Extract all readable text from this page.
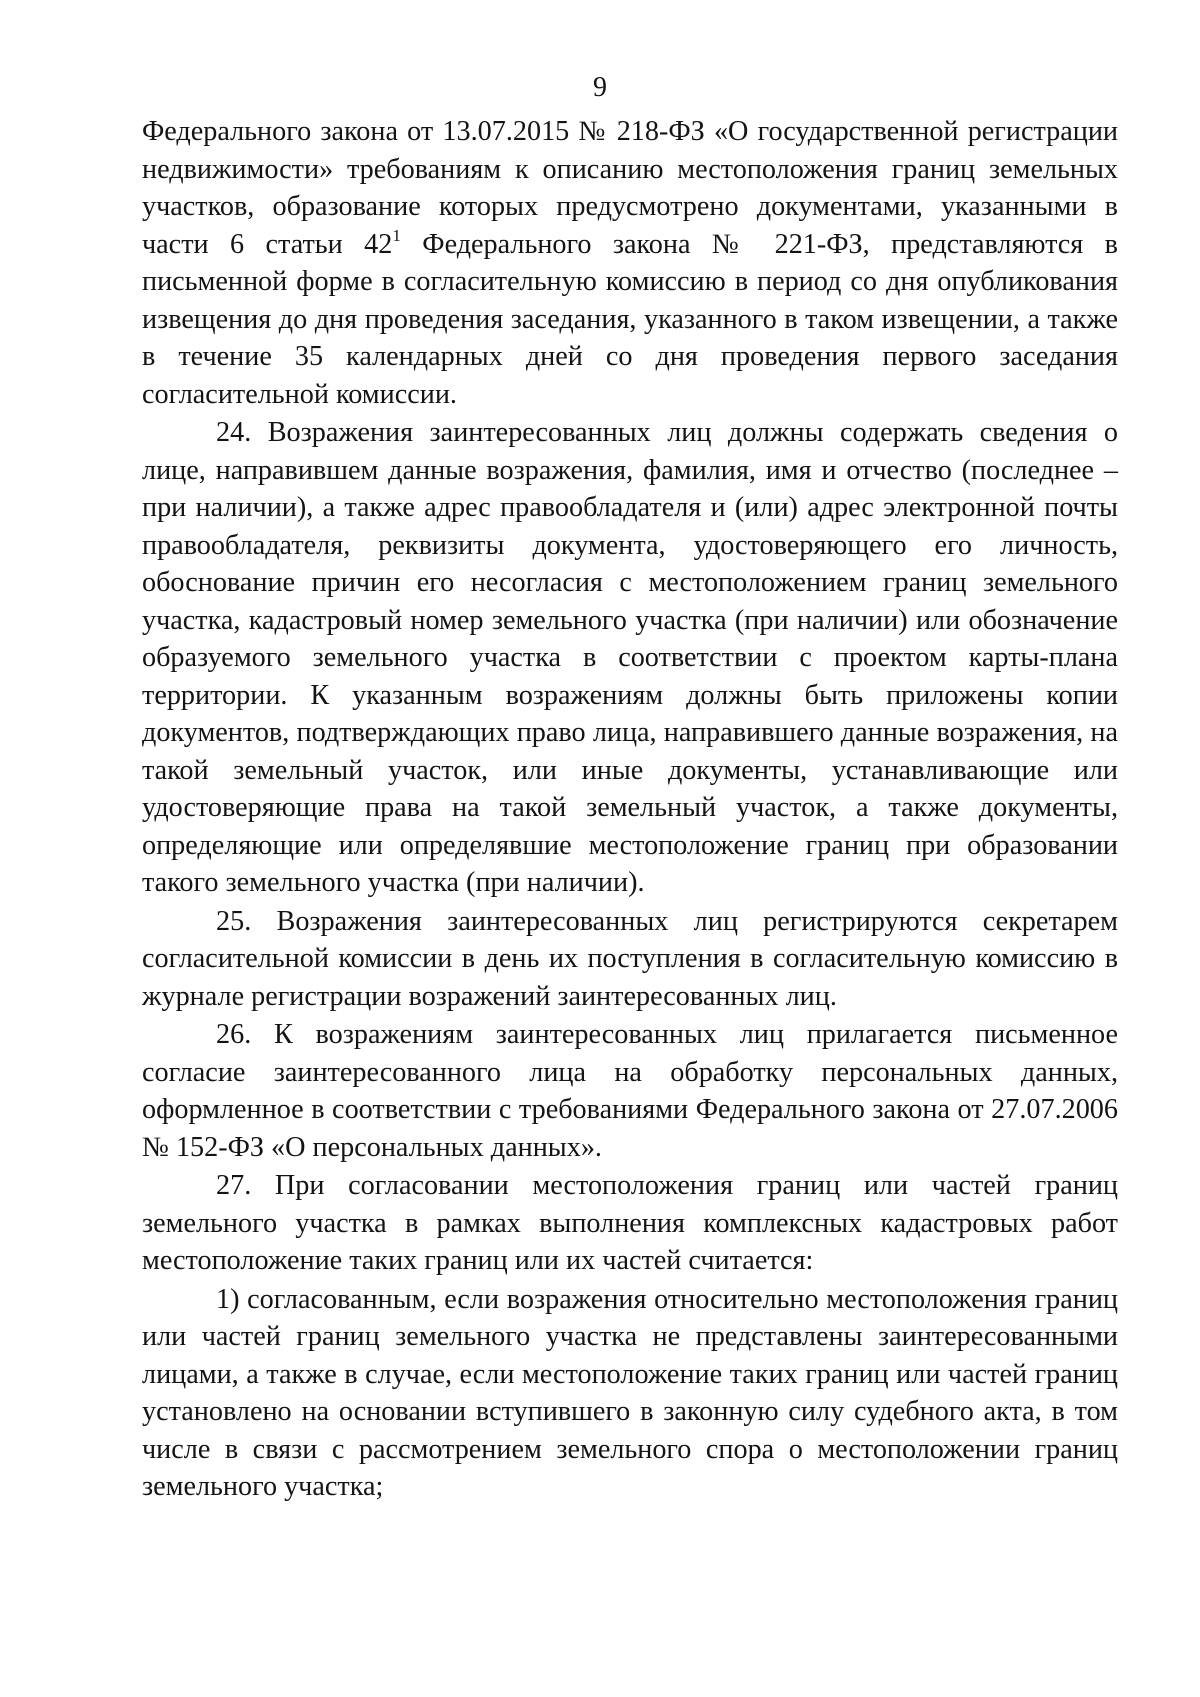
9

Федерального закона от 13.07.2015 № 218-ФЗ «О государственной регистрации недвижимости» требованиям к описанию местоположения границ земельных участков, образование которых предусмотрено документами, указанными в части 6 статьи $42^1$ Федерального закона № 221-ФЗ, представляются в письменной форме в согласительную комиссию в период со дня опубликования извещения до дня проведения заседания, указанного в таком извещении, а также в течение 35 календарных дней со дня проведения первого заседания согласительной комиссии.

24. Возражения заинтересованных лиц должны содержать сведения о лице, направившем данные возражения, фамилия, имя и отчество (последнее – при наличии), а также адрес правообладателя и (или) адрес электронной почты правообладателя, реквизиты документа, удостоверяющего его личность, обоснование причин его несогласия с местоположением границ земельного участка, кадастровый номер земельного участка (при наличии) или обозначение образуемого земельного участка в соответствии с проектом карты-плана территории. К указанным возражениям должны быть приложены копии документов, подтверждающих право лица, направившего данные возражения, на такой земельный участок, или иные документы, устанавливающие или удостоверяющие права на такой земельный участок, а также документы, определяющие или определявшие местоположение границ при образовании такого земельного участка (при наличии).

25. Возражения заинтересованных лиц регистрируются секретарем согласительной комиссии в день их поступления в согласительную комиссию в журнале регистрации возражений заинтересованных лиц.

26. К возражениям заинтересованных лиц прилагается письменное согласие заинтересованного лица на обработку персональных данных, оформленное в соответствии с требованиями Федерального закона от 27.07.2006 № 152-ФЗ «О персональных данных».

27. При согласовании местоположения границ или частей границ земельного участка в рамках выполнения комплексных кадастровых работ местоположение таких границ или их частей считается:

1) согласованным, если возражения относительно местоположения границ или частей границ земельного участка не представлены заинтересованными лицами, а также в случае, если местоположение таких границ или частей границ установлено на основании вступившего в законную силу судебного акта, в том числе в связи с рассмотрением земельного спора о местоположении границ земельного участка;
